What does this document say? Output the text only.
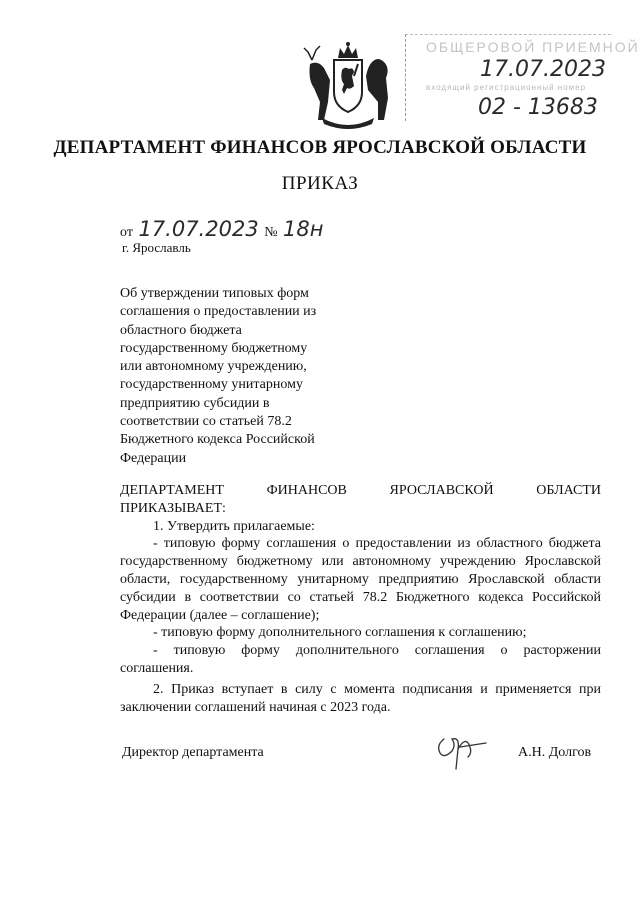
ОБЩЕРОВОЙ ПРИЕМНОЙ
17.07.2023
входящий регистрационный номер
02 - 13683
ДЕПАРТАМЕНТ ФИНАНСОВ ЯРОСЛАВСКОЙ ОБЛАСТИ
ПРИКАЗ
от 17.07.2023 № 18н
г. Ярославль
Об утверждении типовых форм соглашения о предоставлении из областного бюджета государственному бюджетному или автономному учреждению, государственному унитарному предприятию субсидии в соответствии со статьей 78.2 Бюджетного кодекса Российской Федерации
ДЕПАРТАМЕНТ	ФИНАНСОВ	ЯРОСЛАВСКОЙ	ОБЛАСТИ

ПРИКАЗЫВАЕТ:

1. Утвердить прилагаемые:

- типовую форму соглашения о предоставлении из областного бюджета государственному бюджетному или автономному учреждению Ярославской области, государственному унитарному предприятию Ярославской области субсидии в соответствии со статьей 78.2 Бюджетного кодекса Российской Федерации (далее – соглашение);

- типовую форму дополнительного соглашения к соглашению;

- типовую форму дополнительного соглашения о расторжении соглашения.

2. Приказ вступает в силу с момента подписания и применяется при заключении соглашений начиная с 2023 года.

Директор департамента	А.Н. Долгов
